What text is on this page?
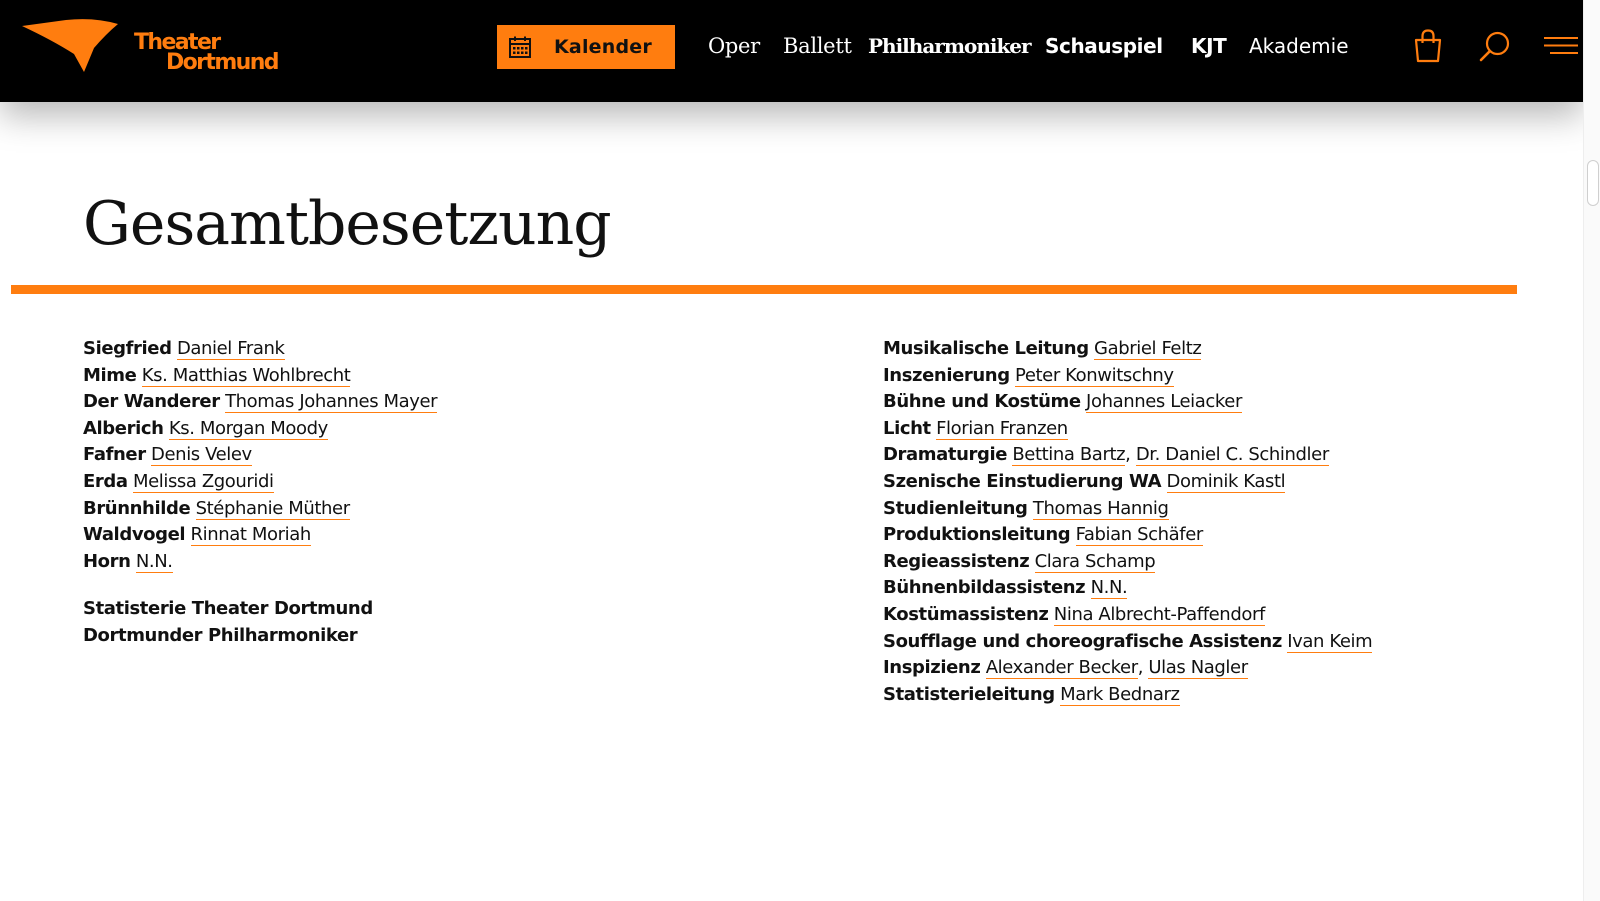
Theater
Dortmund
Kalender	Oper Ballett Philharmoniker Schauspiel KJT Akademie
Gesamtbesetzung
Siegfried Daniel Frank
Mime Ks. Matthias Wohlbrecht
Der Wanderer Thomas Johannes Mayer
Alberich Ks. Morgan Moody
Fafner Denis Velev
Erda Melissa Zgouridi
Brünnhilde Stéphanie Müther
Waldvogel Rinnat Moriah
Horn N.N.
Statisterie Theater Dortmund
Dortmunder Philharmoniker
Musikalische Leitung Gabriel Feltz
Inszenierung Peter Konwitschny
Bühne und Kostüme Johannes Leiacker
Licht Florian Franzen
Dramaturgie Bettina Bartz, Dr. Daniel C. Schindler
Szenische Einstudierung WA Dominik Kastl
Studienleitung Thomas Hannig
Produktionsleitung Fabian Schäfer
Regieassistenz Clara Schamp
Bühnenbildassistenz N.N.
Kostümassistenz Nina Albrecht-Paffendorf
Soufflage und choreografische Assistenz Ivan Keim
Inspizienz Alexander Becker, Ulas Nagler
Statisterieleitung Mark Bednarz
